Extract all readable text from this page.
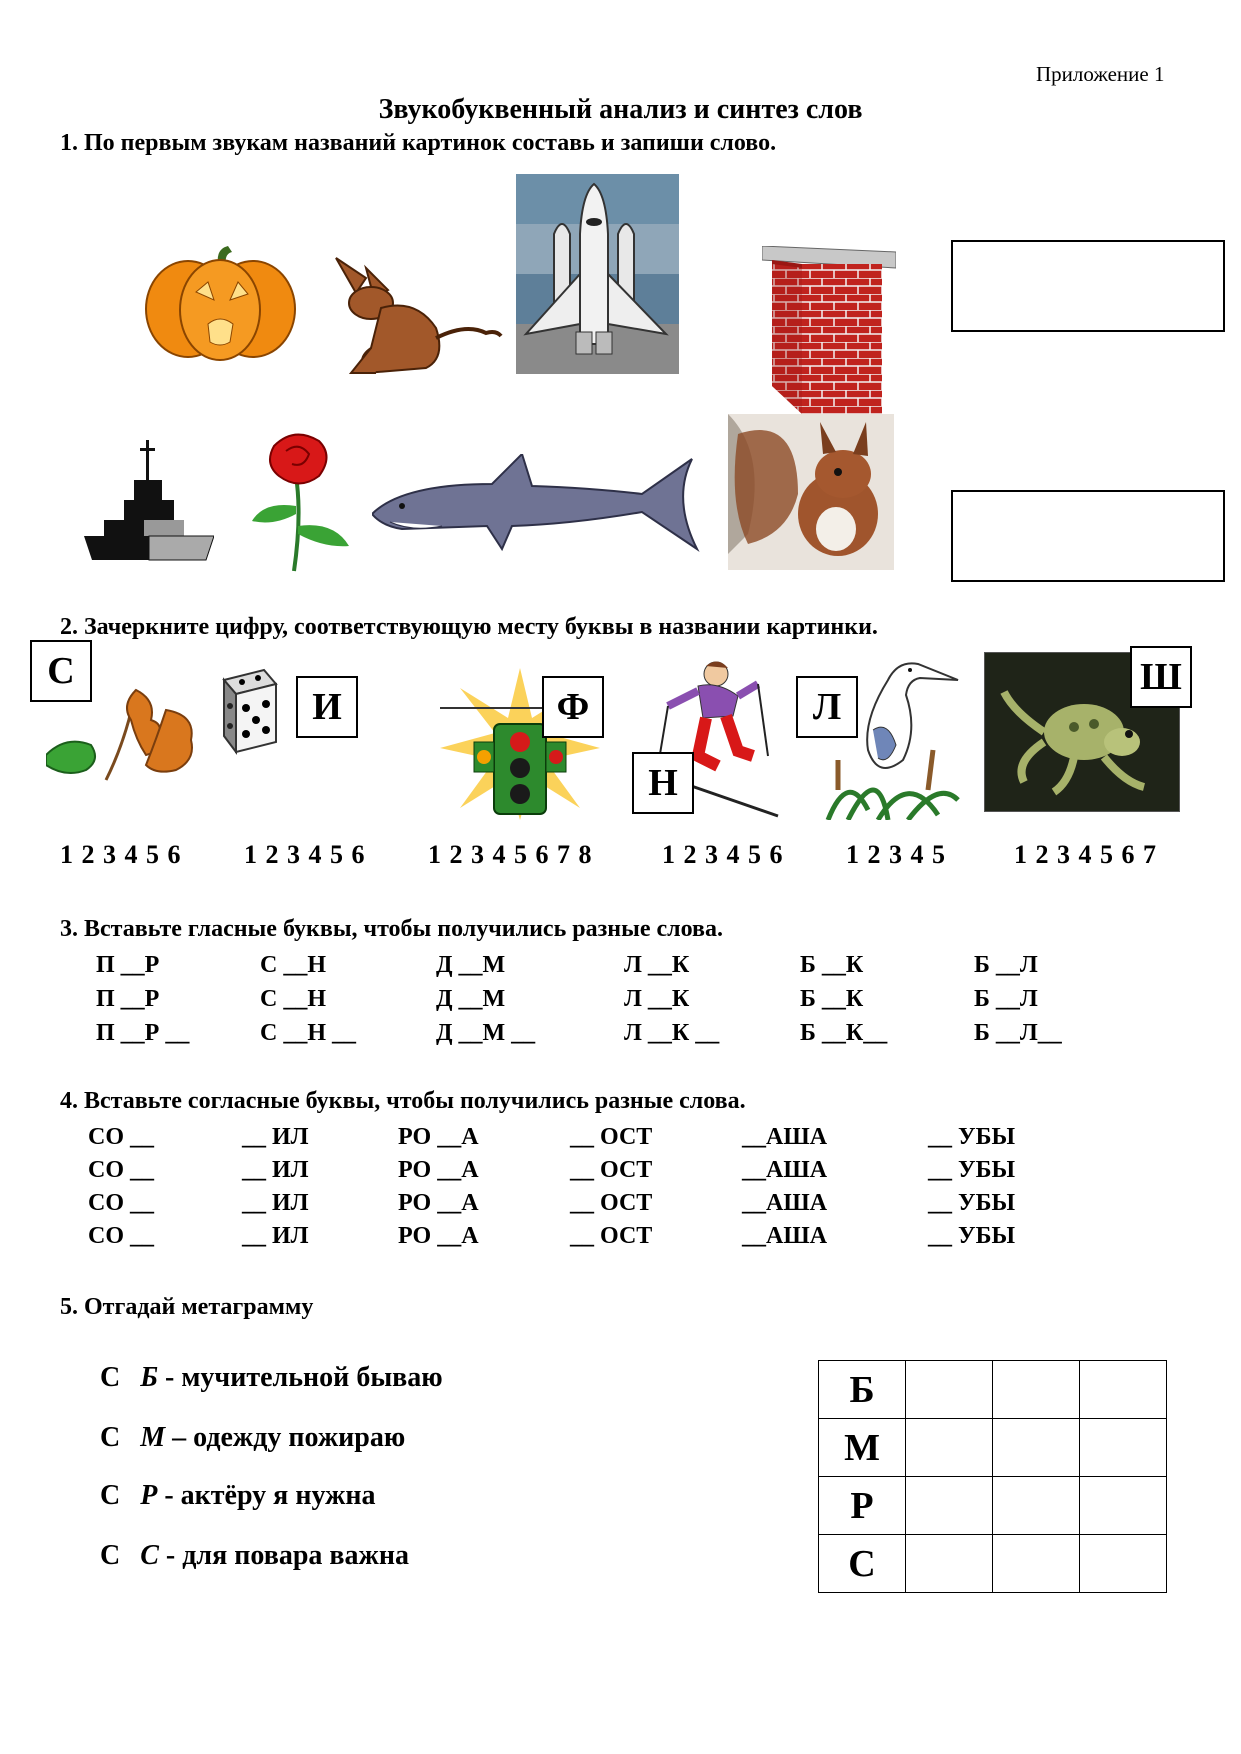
Приложение 1
Звукобуквенный анализ и синтез слов
1. По первым звукам названий картинок составь и запиши слово.
2. Зачеркните цифру, соответствующую месту буквы в названии картинки.
С
И	Ф
Н
Л
Ш
1 2 3 4 5 6 1 2 3 4 5 6 1 2 3 4 5 6 7 8	1 2 3 4 5 6 1 2 3 4 5	1 2 3 4 5 6 7
3. Вставьте гласные буквы, чтобы получились разные слова.
П __Р	С __Н	Д __М	Л __К	Б __К	Б __Л
П __Р	С __Н	Д __М	Л __К	Б __К	Б __Л
П __Р __	С __Н __	Д __М __	Л __К __	Б __К__	Б __Л__
4. Вставьте согласные буквы, чтобы получились разные слова.
СО __	__ ИЛ	РО __А	__ ОСТ	__АША	__ УБЫ
СО __	__ ИЛ	РО __А	__ ОСТ	__АША	__ УБЫ
СО __	__ ИЛ	РО __А	__ ОСТ	__АША	__ УБЫ
СО __	__ ИЛ	РО __А	__ ОСТ	__АША	__ УБЫ
5. Отгадай метаграмму
С Б - мучительной бываю
С М – одежду пожираю
С Р - актёру я нужна
С С - для повара важна
Б			
М			
Р			
С			
